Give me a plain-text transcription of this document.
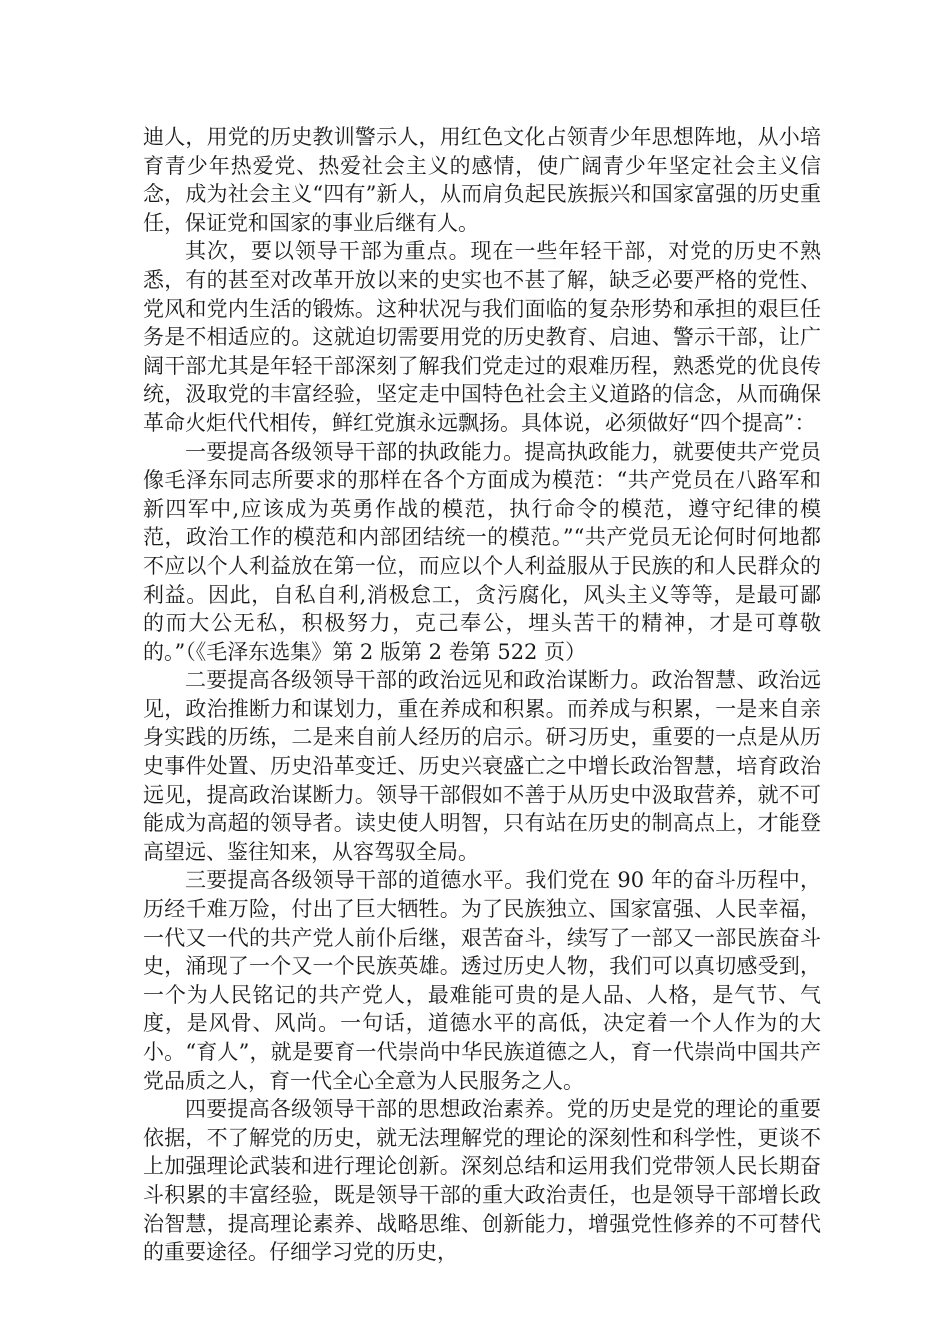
迪人，用党的历史教训警示人，用红色文化占领青少年思想阵地，从小培育青少年热爱党、热爱社会主义的感情，使广阔青少年坚定社会主义信念，成为社会主义“四有”新人，从而肩负起民族振兴和国家富强的历史重任，保证党和国家的事业后继有人。

其次，要以领导干部为重点。现在一些年轻干部，对党的历史不熟悉，有的甚至对改革开放以来的史实也不甚了解，缺乏必要严格的党性、党风和党内生活的锻炼。这种状况与我们面临的复杂形势和承担的艰巨任务是不相适应的。这就迫切需要用党的历史教育、启迪、警示干部，让广阔干部尤其是年轻干部深刻了解我们党走过的艰难历程，熟悉党的优良传统，汲取党的丰富经验，坚定走中国特色社会主义道路的信念，从而确保革命火炬代代相传，鲜红党旗永远飘扬。具体说，必须做好“四个提高”：

一要提高各级领导干部的执政能力。提高执政能力，就要使共产党员像毛泽东同志所要求的那样在各个方面成为模范：“共产党员在八路军和新四军中,应该成为英勇作战的模范，执行命令的模范，遵守纪律的模范，政治工作的模范和内部团结统一的模范。”“共产党员无论何时何地都不应以个人利益放在第一位，而应以个人利益服从于民族的和人民群众的利益。因此，自私自利,消极怠工，贪污腐化，风头主义等等，是最可鄙的而大公无私，积极努力，克己奉公，埋头苦干的精神，才是可尊敬的。”（《毛泽东选集》第 2 版第 2 卷第 522 页）

二要提高各级领导干部的政治远见和政治谋断力。政治智慧、政治远见，政治推断力和谋划力，重在养成和积累。而养成与积累，一是来自亲身实践的历练，二是来自前人经历的启示。研习历史，重要的一点是从历史事件处置、历史沿革变迁、历史兴衰盛亡之中增长政治智慧，培育政治远见，提高政治谋断力。领导干部假如不善于从历史中汲取营养，就不可能成为高超的领导者。读史使人明智，只有站在历史的制高点上，才能登高望远、鉴往知来，从容驾驭全局。

三要提高各级领导干部的道德水平。我们党在 90 年的奋斗历程中，历经千难万险，付出了巨大牺牲。为了民族独立、国家富强、人民幸福，一代又一代的共产党人前仆后继，艰苦奋斗，续写了一部又一部民族奋斗史，涌现了一个又一个民族英雄。透过历史人物，我们可以真切感受到，一个为人民铭记的共产党人，最难能可贵的是人品、人格，是气节、气度，是风骨、风尚。一句话，道德水平的高低，决定着一个人作为的大小。“育人”，就是要育一代崇尚中华民族道德之人，育一代崇尚中国共产党品质之人，育一代全心全意为人民服务之人。

四要提高各级领导干部的思想政治素养。党的历史是党的理论的重要依据，不了解党的历史，就无法理解党的理论的深刻性和科学性，更谈不上加强理论武装和进行理论创新。深刻总结和运用我们党带领人民长期奋斗积累的丰富经验，既是领导干部的重大政治责任，也是领导干部增长政治智慧，提高理论素养、战略思维、创新能力，增强党性修养的不可替代的重要途径。仔细学习党的历史，
